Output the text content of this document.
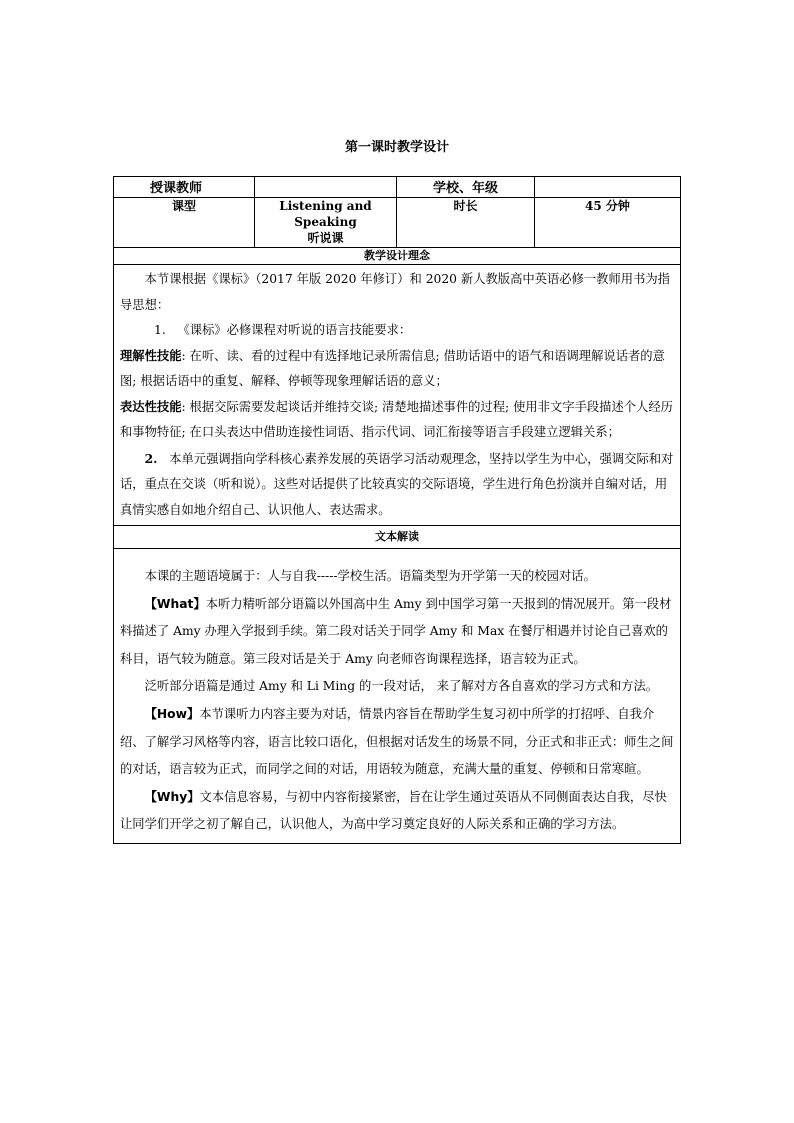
第一课时教学设计
授课教师		学校、年级	
课型	Listening and
Speaking
听说课	时长	45 分钟
教学设计理念			

本节课根据《课标》（2017 年版 2020 年修订）和 2020 新人教版高中英语必修一教师用书为指导思想：

1. 《课标》必修课程对听说的语言技能要求：

理解性技能: 在听、读、看的过程中有选择地记录所需信息; 借助话语中的语气和语调理解说话者的意图; 根据话语中的重复、解释、停顿等现象理解话语的意义；

表达性技能: 根据交际需要发起谈话并维持交谈; 清楚地描述事件的过程; 使用非文字手段描述个人经历和事物特征; 在口头表达中借助连接性词语、指示代词、词汇衔接等语言手段建立逻辑关系；

2. 本单元强调指向学科核心素养发展的英语学习活动观理念，坚持以学生为中心，强调交际和对话，重点在交谈（听和说）。这些对话提供了比较真实的交际语境，学生进行角色扮演并自编对话，用真情实感自如地介绍自己、认识他人、表达需求。			

文本解读			

本课的主题语境属于：人与自我-----学校生活。语篇类型为开学第一天的校园对话。

【What】本听力精听部分语篇以外国高中生 Amy 到中国学习第一天报到的情况展开。第一段材料描述了 Amy 办理入学报到手续。第二段对话关于同学 Amy 和 Max 在餐厅相遇并讨论自己喜欢的科目，语气较为随意。第三段对话是关于 Amy 向老师咨询课程选择，语言较为正式。

泛听部分语篇是通过 Amy 和 Li Ming 的一段对话， 来了解对方各自喜欢的学习方式和方法。

【How】本节课听力内容主要为对话，情景内容旨在帮助学生复习初中所学的打招呼、自我介绍、了解学习风格等内容，语言比较口语化，但根据对话发生的场景不同，分正式和非正式：师生之间的对话，语言较为正式，而同学之间的对话，用语较为随意，充满大量的重复、停顿和日常寒暄。

【Why】文本信息容易，与初中内容衔接紧密，旨在让学生通过英语从不同侧面表达自我，尽快让同学们开学之初了解自己，认识他人，为高中学习奠定良好的人际关系和正确的学习方法。			
